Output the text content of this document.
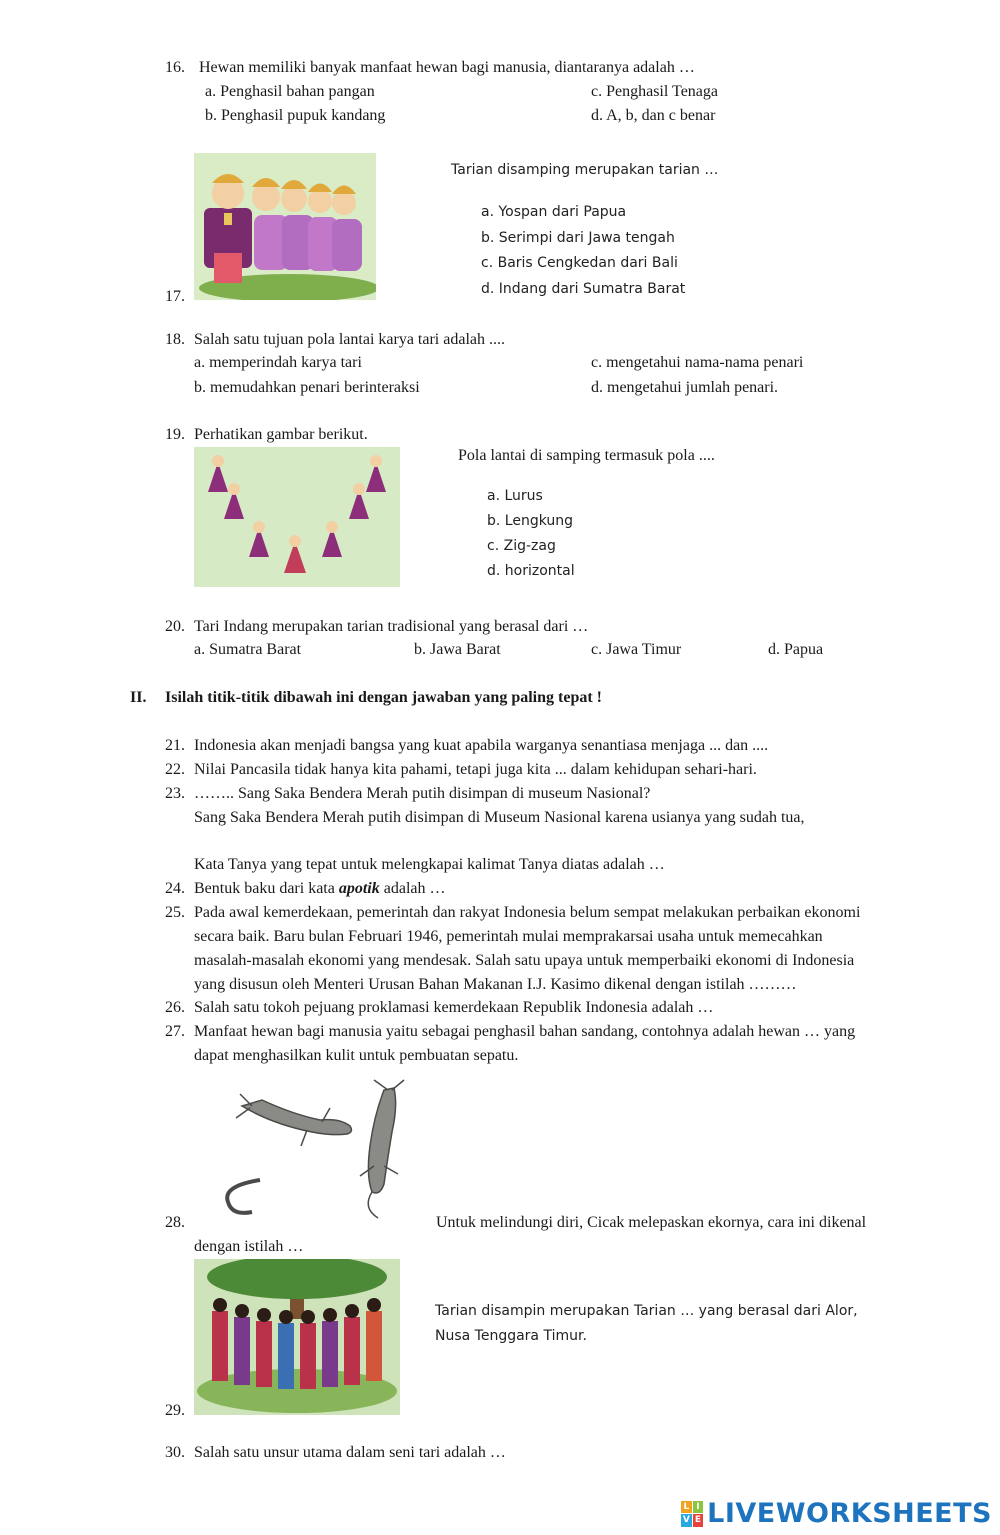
16. Hewan memiliki banyak manfaat hewan bagi manusia, diantaranya adalah …
a. Penghasil bahan pangan
b. Penghasil pupuk kandang
c. Penghasil Tenaga
d. A, b, dan c benar
17.
Tarian disamping merupakan tarian …
a. Yospan dari Papua
b. Serimpi dari Jawa tengah
c. Baris Cengkedan dari Bali
d. Indang dari Sumatra Barat
18. Salah satu tujuan pola lantai karya tari adalah ....
a. memperindah karya tari
b. memudahkan penari berinteraksi
c. mengetahui nama-nama penari
d. mengetahui jumlah penari.
19. Perhatikan gambar berikut.
Pola lantai di samping termasuk pola ....
a. Lurus
b. Lengkung
c. Zig-zag
d. horizontal
20. Tari Indang merupakan tarian tradisional yang berasal dari …
a. Sumatra Barat	b. Jawa Barat	c. Jawa Timur	d. Papua
II. Isilah titik-titik dibawah ini dengan jawaban yang paling tepat !
21. Indonesia akan menjadi bangsa yang kuat apabila warganya senantiasa menjaga ... dan ....
22. Nilai Pancasila tidak hanya kita pahami, tetapi juga kita ... dalam kehidupan sehari-hari.
23. …….. Sang Saka Bendera Merah putih disimpan di museum Nasional?
Sang Saka Bendera Merah putih disimpan di Museum Nasional karena usianya yang sudah tua,
Kata Tanya yang tepat untuk melengkapai kalimat Tanya diatas adalah …
24. Bentuk baku dari kata apotik adalah …
25. Pada awal kemerdekaan, pemerintah dan rakyat Indonesia belum sempat melakukan perbaikan ekonomi
secara baik. Baru bulan Februari 1946, pemerintah mulai memprakarsai usaha untuk memecahkan
masalah-masalah ekonomi yang mendesak. Salah satu upaya untuk memperbaiki ekonomi di Indonesia
yang disusun oleh Menteri Urusan Bahan Makanan I.J. Kasimo dikenal dengan istilah ………
26. Salah satu tokoh pejuang proklamasi kemerdekaan Republik Indonesia adalah …
27. Manfaat hewan bagi manusia yaitu sebagai penghasil bahan sandang, contohnya adalah hewan … yang
dapat menghasilkan kulit untuk pembuatan sepatu.
28.	Untuk melindungi diri, Cicak melepaskan ekornya, cara ini dikenal
dengan istilah …
29.
Tarian disampin merupakan Tarian … yang berasal dari Alor,
Nusa Tenggara Timur.
30. Salah satu unsur utama dalam seni tari adalah …
L I
V E LIVEWORKSHEETS
